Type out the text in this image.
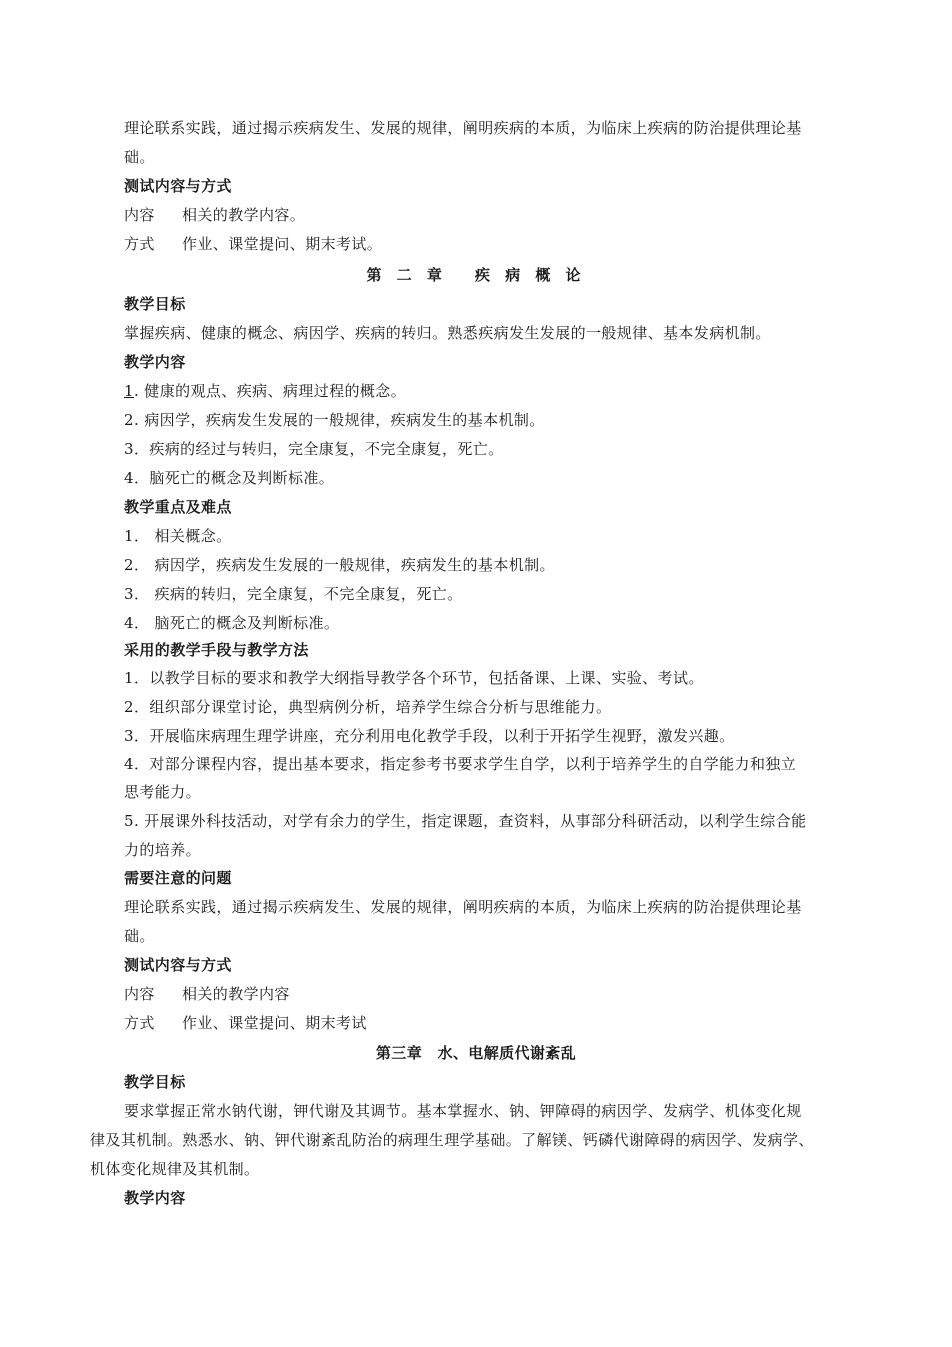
理论联系实践，通过揭示疾病发生、发展的规律，阐明疾病的本质，为临床上疾病的防治提供理论基
础。
测试内容与方式
内容 相关的教学内容。
方式 作业、课堂提问、期末考试。
第 二 章 疾 病 概 论
教学目标
掌握疾病、健康的概念、病因学、疾病的转归。熟悉疾病发生发展的一般规律、基本发病机制。
教学内容
1. 健康的观点、疾病、病理过程的概念。
2. 病因学，疾病发生发展的一般规律，疾病发生的基本机制。
3．疾病的经过与转归，完全康复，不完全康复，死亡。
4．脑死亡的概念及判断标准。
教学重点及难点
1． 相关概念。
2． 病因学，疾病发生发展的一般规律，疾病发生的基本机制。
3． 疾病的转归，完全康复，不完全康复，死亡。
4． 脑死亡的概念及判断标准。
采用的教学手段与教学方法
1．以教学目标的要求和教学大纲指导教学各个环节，包括备课、上课、实验、考试。
2．组织部分课堂讨论，典型病例分析，培养学生综合分析与思维能力。
3．开展临床病理生理学讲座，充分利用电化教学手段，以利于开拓学生视野，激发兴趣。
4．对部分课程内容，提出基本要求，指定参考书要求学生自学，以利于培养学生的自学能力和独立
思考能力。
5. 开展课外科技活动，对学有余力的学生，指定课题，查资料，从事部分科研活动，以利学生综合能
力的培养。
需要注意的问题
理论联系实践，通过揭示疾病发生、发展的规律，阐明疾病的本质，为临床上疾病的防治提供理论基
础。
测试内容与方式
内容 相关的教学内容
方式 作业、课堂提问、期末考试
第三章　水、电解质代谢紊乱
教学目标
要求掌握正常水钠代谢，钾代谢及其调节。基本掌握水、钠、钾障碍的病因学、发病学、机体变化规
律及其机制。熟悉水、钠、钾代谢紊乱防治的病理生理学基础。了解镁、钙磷代谢障碍的病因学、发病学、
机体变化规律及其机制。
教学内容
